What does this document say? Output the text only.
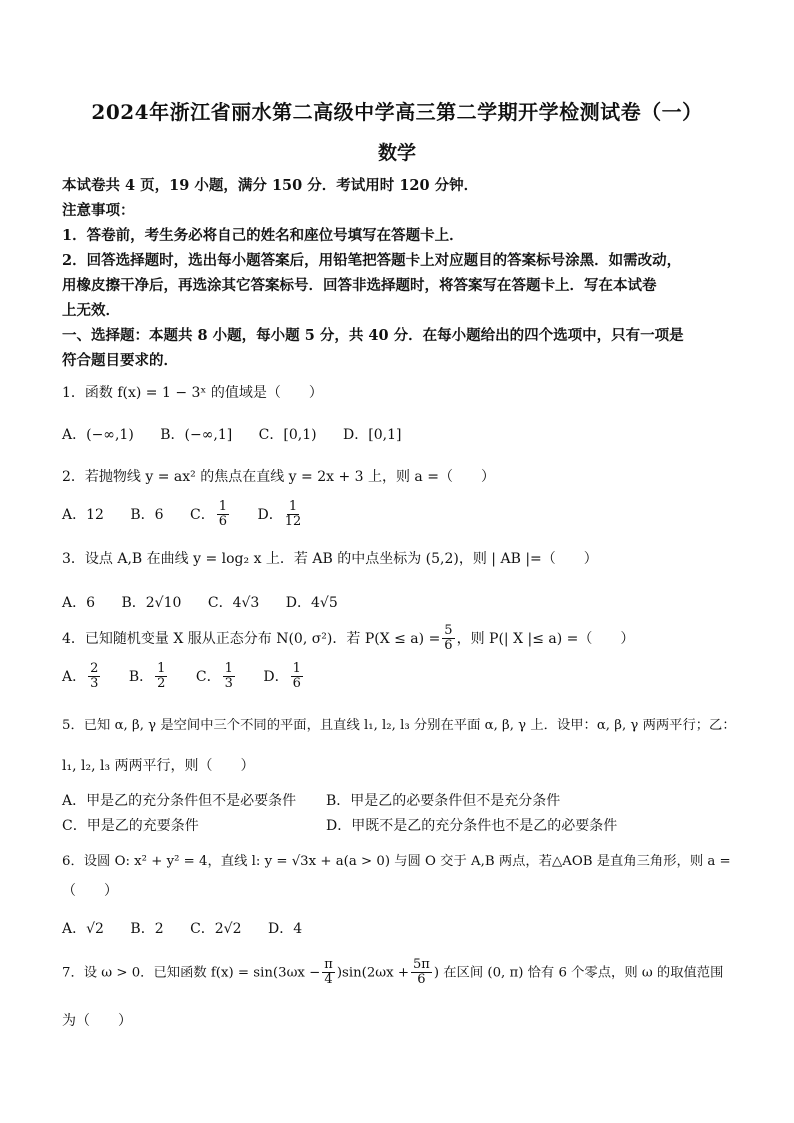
2024年浙江省丽水第二高级中学高三第二学期开学检测试卷（一）
数学
本试卷共 4 页，19 小题，满分 150 分．考试用时 120 分钟．
注意事项：
1．答卷前，考生务必将自己的姓名和座位号填写在答题卡上．
2．回答选择题时，选出每小题答案后，用铅笔把答题卡上对应题目的答案标号涂黑．如需改动，
用橡皮擦干净后，再选涂其它答案标号．回答非选择题时，将答案写在答题卡上．写在本试卷
上无效．
一、选择题：本题共 8 小题，每小题 5 分，共 40 分．在每小题给出的四个选项中，只有一项是
符合题目要求的．
1．函数 f(x) = 1 − 3ˣ 的值域是（　　）
A．(−∞,1) B．(−∞,1] C．[0,1) D．[0,1]
2．若抛物线 y = ax² 的焦点在直线 y = 2x + 3 上，则 a =（　　）
A．12 B．6 C． $\frac{1}{6}$ D． $\frac{1}{12}$
3．设点 A,B 在曲线 y = log₂ x 上．若 AB 的中点坐标为 (5,2)，则 | AB |=（　　）
A．6 B．2√10 C．4√3 D．4√5
4．已知随机变量 X 服从正态分布 N(0, σ²)．若 $P(X \le a) = \frac{5}{6}$ ，则 P(| X |≤ a) =（　　）
A． $\frac{2}{3}$ B． $\frac{1}{2}$ C． $\frac{1}{3}$ D． $\frac{1}{6}$
5．已知 α, β, γ 是空间中三个不同的平面，且直线 l₁, l₂, l₃ 分别在平面 α, β, γ 上．设甲：α, β, γ 两两平行；乙：
l₁, l₂, l₃ 两两平行，则（　　）
A．甲是乙的充分条件但不是必要条件 B．甲是乙的必要条件但不是充分条件
C．甲是乙的充要条件	D．甲既不是乙的充分条件也不是乙的必要条件
6．设圆 O: x² + y² = 4，直线 l: y = √3x + a(a > 0) 与圆 O 交于 A,B 两点，若△AOB 是直角三角形，则 a =
（　　）
A．√2 B．2 C．2√2 D．4
7．设 ω > 0．已知函数 $f(x) = \sin(3\omega x - \frac{\pi}{4} )\sin(2\omega x + \frac{5\pi}{6}$ ) 在区间 (0, π) 恰有 6 个零点，则 ω 的取值范围
为（　　）
